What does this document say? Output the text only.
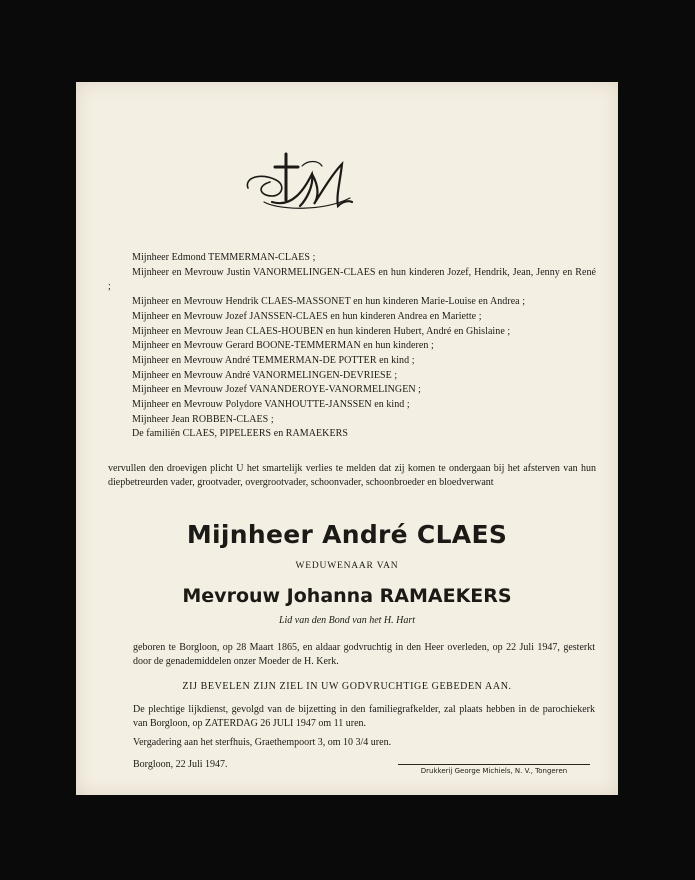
Mijnheer Edmond TEMMERMAN-CLAES ;
Mijnheer en Mevrouw Justin VANORMELINGEN-CLAES en hun kinderen Jozef, Hendrik, Jean, Jenny en René ;
Mijnheer en Mevrouw Hendrik CLAES-MASSONET en hun kinderen Marie-Louise en Andrea ;
Mijnheer en Mevrouw Jozef JANSSEN-CLAES en hun kinderen Andrea en Mariette ;
Mijnheer en Mevrouw Jean CLAES-HOUBEN en hun kinderen Hubert, André en Ghislaine ;
Mijnheer en Mevrouw Gerard BOONE-TEMMERMAN en hun kinderen ;
Mijnheer en Mevrouw André TEMMERMAN-DE POTTER en kind ;
Mijnheer en Mevrouw André VANORMELINGEN-DEVRIESE ;
Mijnheer en Mevrouw Jozef VANANDEROYE-VANORMELINGEN ;
Mijnheer en Mevrouw Polydore VANHOUTTE-JANSSEN en kind ;
Mijnheer Jean ROBBEN-CLAES ;
De familiën CLAES, PIPELEERS en RAMAEKERS
vervullen den droevigen plicht U het smartelijk verlies te melden dat zij komen te ondergaan bij het afsterven van hun diepbetreurden vader, grootvader, overgrootvader, schoonvader, schoonbroeder en bloedverwant
Mijnheer André CLAES
WEDUWENAAR VAN
Mevrouw Johanna RAMAEKERS
Lid van den Bond van het H. Hart
geboren te Borgloon, op 28 Maart 1865, en aldaar godvruchtig in den Heer overleden, op 22 Juli 1947, gesterkt door de genademiddelen onzer Moeder de H. Kerk.
ZIJ BEVELEN ZIJN ZIEL IN UW GODVRUCHTIGE GEBEDEN AAN.
De plechtige lijkdienst, gevolgd van de bijzetting in den familiegrafkelder, zal plaats hebben in de parochiekerk van Borgloon, op ZATERDAG 26 JULI 1947 om 11 uren.
Vergadering aan het sterfhuis, Graethempoort 3, om 10 3/4 uren.
Borgloon, 22 Juli 1947.
Drukkerij George Michiels, N. V., Tongeren
